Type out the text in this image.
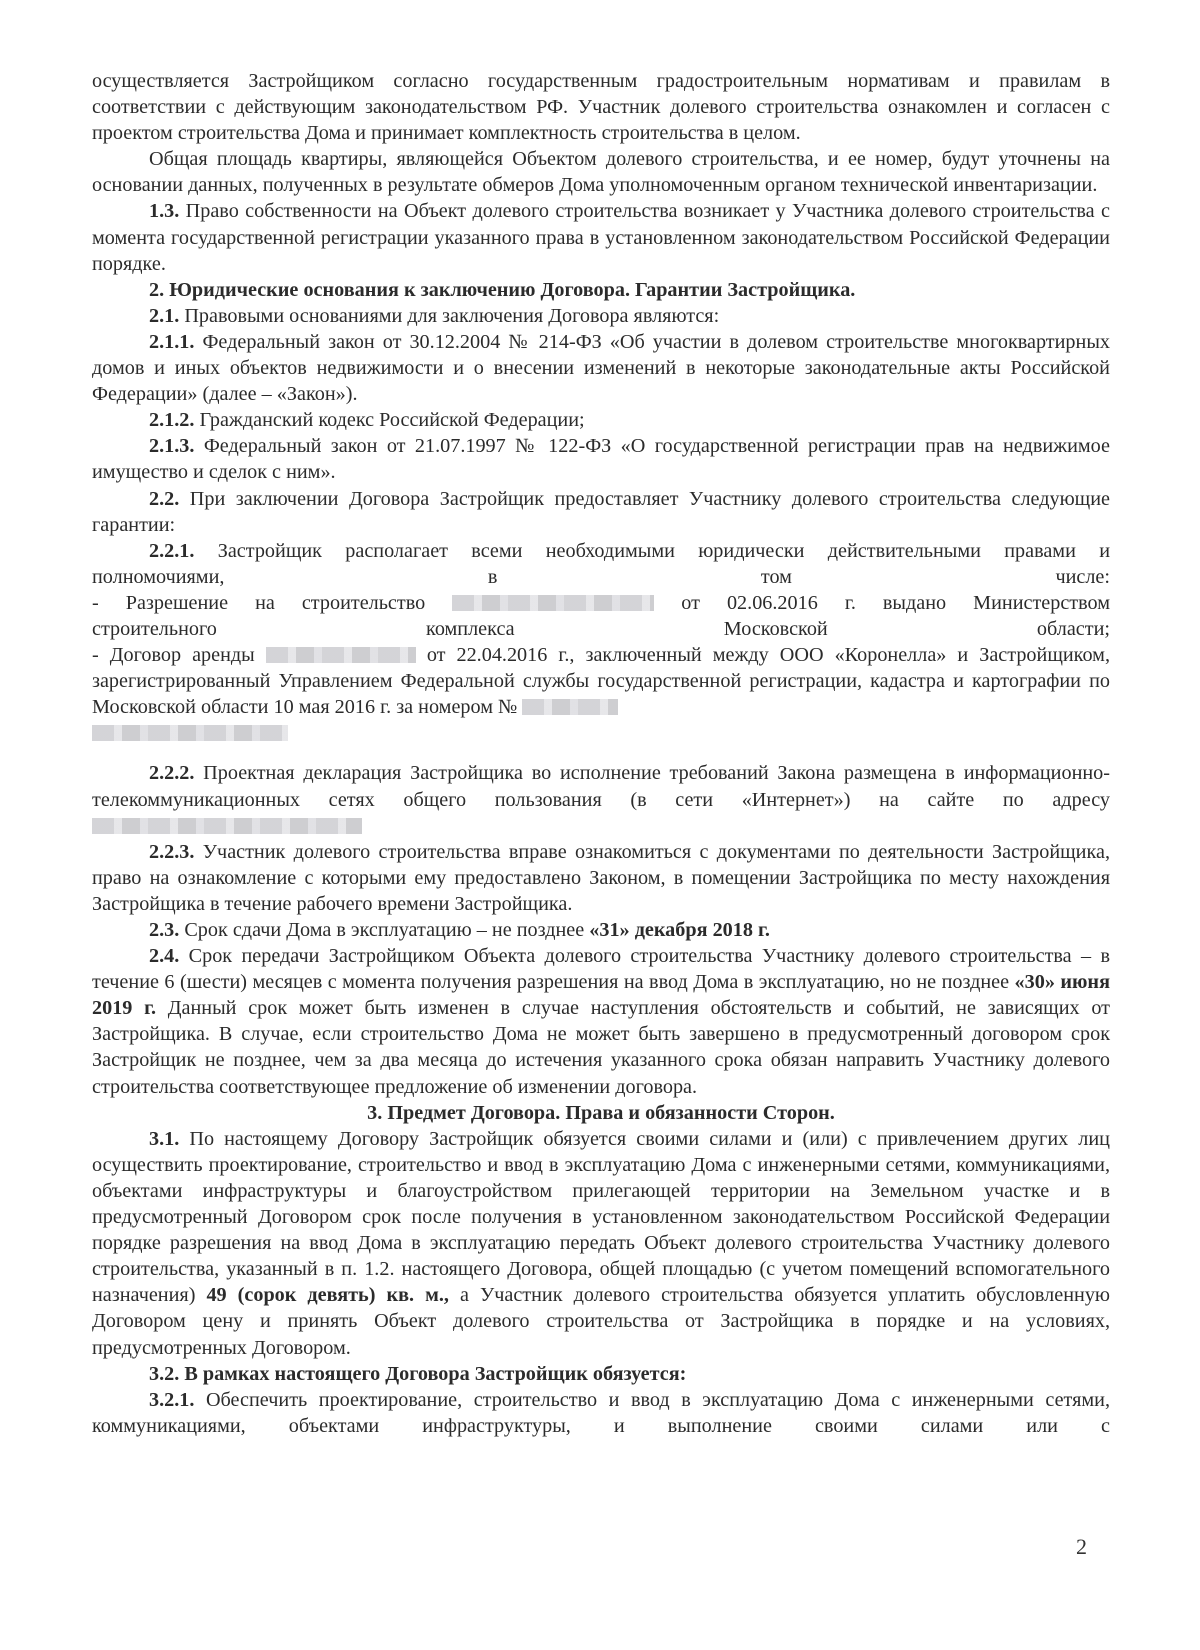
осуществляется Застройщиком согласно государственным градостроительным нормативам и правилам в соответствии с действующим законодательством РФ. Участник долевого строительства ознакомлен и согласен с проектом строительства Дома и принимает комплектность строительства в целом.

Общая площадь квартиры, являющейся Объектом долевого строительства, и ее номер, будут уточнены на основании данных, полученных в результате обмеров Дома уполномоченным органом технической инвентаризации.

1.3. Право собственности на Объект долевого строительства возникает у Участника долевого строительства с момента государственной регистрации указанного права в установленном законодательством Российской Федерации порядке.

2. Юридические основания к заключению Договора. Гарантии Застройщика.

2.1. Правовыми основаниями для заключения Договора являются:

2.1.1. Федеральный закон от 30.12.2004 № 214-ФЗ «Об участии в долевом строительстве многоквартирных домов и иных объектов недвижимости и о внесении изменений в некоторые законодательные акты Российской Федерации» (далее – «Закон»).

2.1.2. Гражданский кодекс Российской Федерации;

2.1.3. Федеральный закон от 21.07.1997 № 122-ФЗ «О государственной регистрации прав на недвижимое имущество и сделок с ним».

2.2. При заключении Договора Застройщик предоставляет Участнику долевого строительства следующие гарантии:

2.2.1. Застройщик располагает всеми необходимыми юридически действительными правами и

полномочиями,	в	том	числе:

- Разрешение на строительство	от 02.06.2016 г. выдано Министерством

строительного	комплекса	Московской	области;

- Договор аренды	от 22.04.2016 г., заключенный между ООО «Коронелла» и Застройщиком, зарегистрированный Управлением Федеральной службы государственной регистрации, кадастра и картографии по Московской области 10 мая 2016 г. за номером №

2.2.2. Проектная декларация Застройщика во исполнение требований Закона размещена в информационно-телекоммуникационных сетях общего пользования (в сети «Интернет») на сайте по адресу

2.2.3. Участник долевого строительства вправе ознакомиться с документами по деятельности Застройщика, право на ознакомление с которыми ему предоставлено Законом, в помещении Застройщика по месту нахождения Застройщика в течение рабочего времени Застройщика.

2.3. Срок сдачи Дома в эксплуатацию – не позднее «31» декабря 2018 г.

2.4. Срок передачи Застройщиком Объекта долевого строительства Участнику долевого строительства – в течение 6 (шести) месяцев с момента получения разрешения на ввод Дома в эксплуатацию, но не позднее «30» июня 2019 г. Данный срок может быть изменен в случае наступления обстоятельств и событий, не зависящих от Застройщика. В случае, если строительство Дома не может быть завершено в предусмотренный договором срок Застройщик не позднее, чем за два месяца до истечения указанного срока обязан направить Участнику долевого строительства соответствующее предложение об изменении договора.

3. Предмет Договора. Права и обязанности Сторон.

3.1. По настоящему Договору Застройщик обязуется своими силами и (или) с привлечением других лиц осуществить проектирование, строительство и ввод в эксплуатацию Дома с инженерными сетями, коммуникациями, объектами инфраструктуры и благоустройством прилегающей территории на Земельном участке и в предусмотренный Договором срок после получения в установленном законодательством Российской Федерации порядке разрешения на ввод Дома в эксплуатацию передать Объект долевого строительства Участнику долевого строительства, указанный в п. 1.2. настоящего Договора, общей площадью (с учетом помещений вспомогательного назначения) 49 (сорок девять) кв. м., а Участник долевого строительства обязуется уплатить обусловленную Договором цену и принять Объект долевого строительства от Застройщика в порядке и на условиях, предусмотренных Договором.

3.2. В рамках настоящего Договора Застройщик обязуется:

3.2.1. Обеспечить проектирование, строительство и ввод в эксплуатацию Дома с инженерными сетями, коммуникациями, объектами инфраструктуры, и выполнение своими силами или с

2
